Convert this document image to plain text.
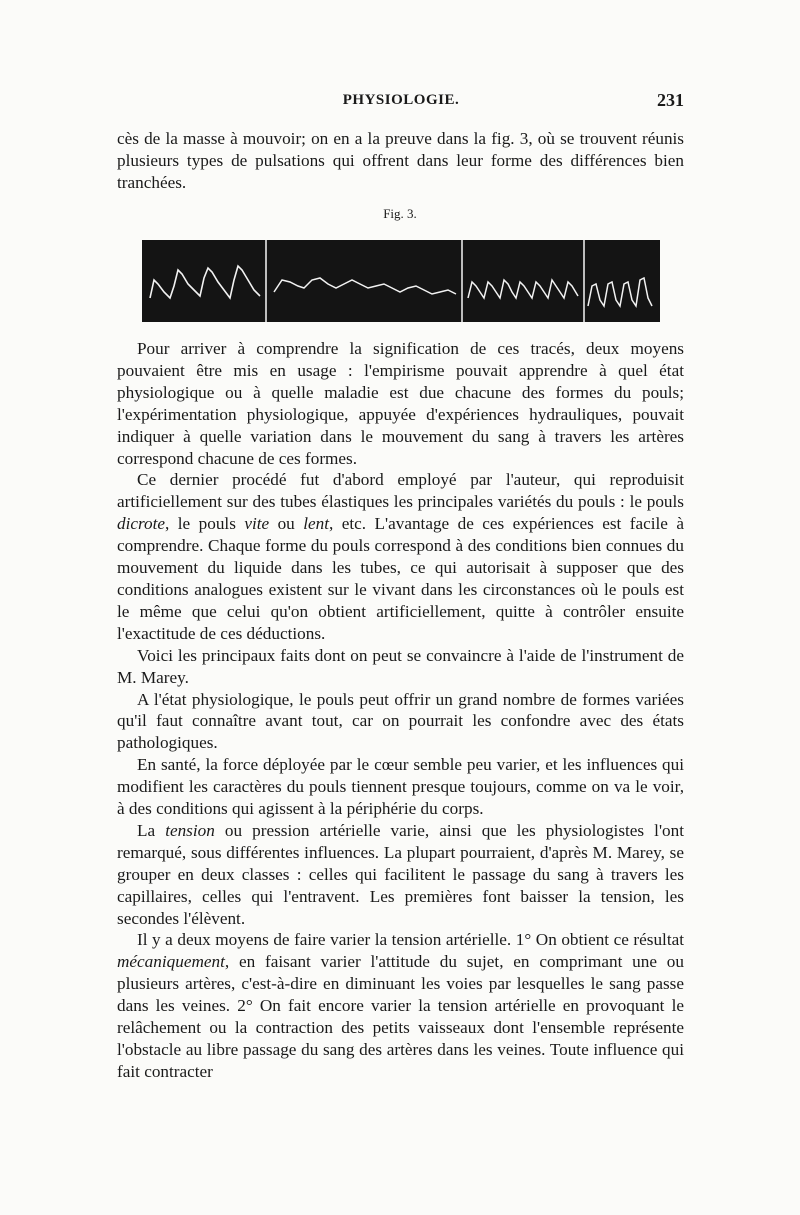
PHYSIOLOGIE.	231

cès de la masse à mouvoir; on en a la preuve dans la fig. 3, où se trouvent réunis plusieurs types de pulsations qui offrent dans leur forme des différences bien tranchées.

Fig. 3.

Pour arriver à comprendre la signification de ces tracés, deux moyens pouvaient être mis en usage : l'empirisme pouvait apprendre à quel état physiologique ou à quelle maladie est due chacune des formes du pouls; l'expérimentation physiologique, appuyée d'expériences hydrauliques, pouvait indiquer à quelle variation dans le mouvement du sang à travers les artères correspond chacune de ces formes.

Ce dernier procédé fut d'abord employé par l'auteur, qui reproduisit artificiellement sur des tubes élastiques les principales variétés du pouls : le pouls dicrote, le pouls vite ou lent, etc. L'avantage de ces expériences est facile à comprendre. Chaque forme du pouls correspond à des conditions bien connues du mouvement du liquide dans les tubes, ce qui autorisait à supposer que des conditions analogues existent sur le vivant dans les circonstances où le pouls est le même que celui qu'on obtient artificiellement, quitte à contrôler ensuite l'exactitude de ces déductions.

Voici les principaux faits dont on peut se convaincre à l'aide de l'instrument de M. Marey.

A l'état physiologique, le pouls peut offrir un grand nombre de formes variées qu'il faut connaître avant tout, car on pourrait les confondre avec des états pathologiques.

En santé, la force déployée par le cœur semble peu varier, et les influences qui modifient les caractères du pouls tiennent presque toujours, comme on va le voir, à des conditions qui agissent à la périphérie du corps.

La tension ou pression artérielle varie, ainsi que les physiologistes l'ont remarqué, sous différentes influences. La plupart pourraient, d'après M. Marey, se grouper en deux classes : celles qui facilitent le passage du sang à travers les capillaires, celles qui l'entravent. Les premières font baisser la tension, les secondes l'élèvent.

Il y a deux moyens de faire varier la tension artérielle. 1° On obtient ce résultat mécaniquement, en faisant varier l'attitude du sujet, en comprimant une ou plusieurs artères, c'est-à-dire en diminuant les voies par lesquelles le sang passe dans les veines. 2° On fait encore varier la tension artérielle en provoquant le relâchement ou la contraction des petits vaisseaux dont l'ensemble représente l'obstacle au libre passage du sang des artères dans les veines. Toute influence qui fait contracter
